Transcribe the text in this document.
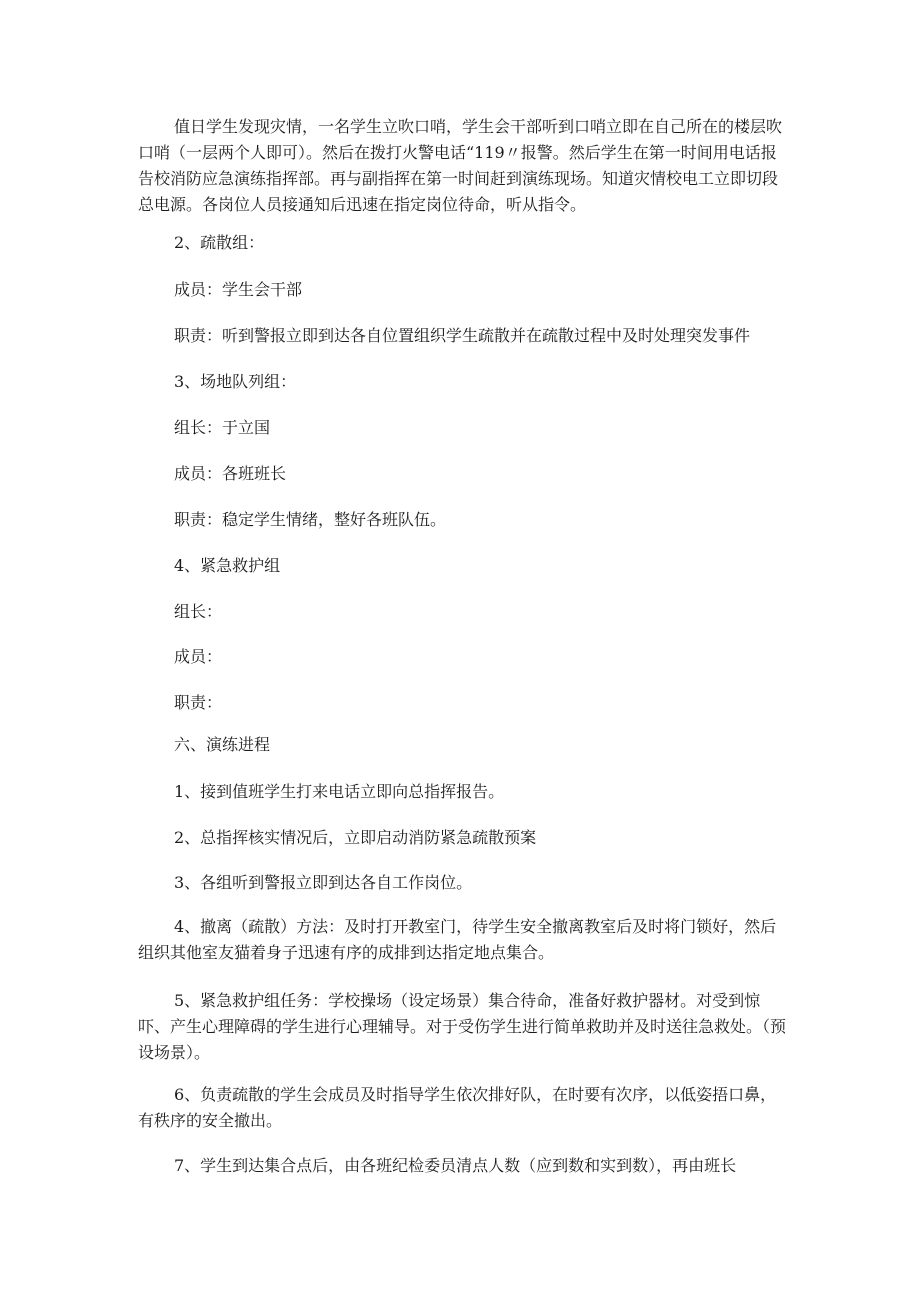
值日学生发现灾情，一名学生立吹口哨，学生会干部听到口哨立即在自己所在的楼层吹口哨（一层两个人即可）。然后在拨打火警电话“119〃报警。然后学生在第一时间用电话报告校消防应急演练指挥部。再与副指挥在第一时间赶到演练现场。知道灾情校电工立即切段总电源。各岗位人员接通知后迅速在指定岗位待命，听从指令。

2、疏散组：

成员：学生会干部

职责：听到警报立即到达各自位置组织学生疏散并在疏散过程中及时处理突发事件

3、场地队列组：

组长：于立国

成员：各班班长

职责：稳定学生情绪，整好各班队伍。

4、紧急救护组

组长：

成员：

职责：

六、演练进程

1、接到值班学生打来电话立即向总指挥报告。

2、总指挥核实情况后，立即启动消防紧急疏散预案

3、各组听到警报立即到达各自工作岗位。

4、撤离（疏散）方法：及时打开教室门，待学生安全撤离教室后及时将门锁好，然后组织其他室友猫着身子迅速有序的成排到达指定地点集合。

5、紧急救护组任务：学校操场（设定场景）集合待命，准备好救护器材。对受到惊吓、产生心理障碍的学生进行心理辅导。对于受伤学生进行简单救助并及时送往急救处。（预设场景）。

6、负责疏散的学生会成员及时指导学生依次排好队，在时要有次序，以低姿捂口鼻，有秩序的安全撤出。

7、学生到达集合点后，由各班纪检委员清点人数（应到数和实到数），再由班长
